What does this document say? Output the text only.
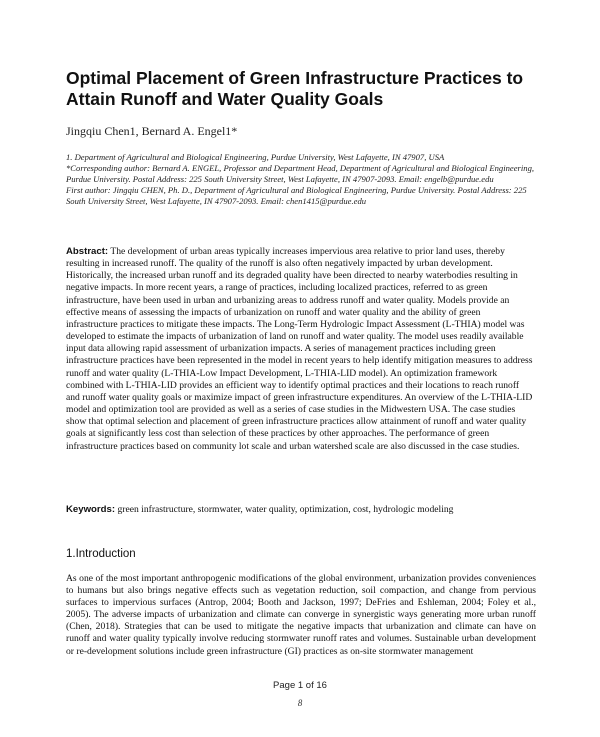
Optimal Placement of Green Infrastructure Practices to Attain Runoff and Water Quality Goals
Jingqiu Chen1, Bernard A. Engel1*

1. Department of Agricultural and Biological Engineering, Purdue University, West Lafayette, IN 47907, USA

*Corresponding author: Bernard A. ENGEL, Professor and Department Head, Department of Agricultural and Biological Engineering, Purdue University. Postal Address: 225 South University Street, West Lafayette, IN 47907-2093. Email: engelb@purdue.edu

First author: Jingqiu CHEN, Ph. D., Department of Agricultural and Biological Engineering, Purdue University. Postal Address: 225 South University Street, West Lafayette, IN 47907-2093. Email: chen1415@purdue.edu

Abstract: The development of urban areas typically increases impervious area relative to prior land uses, thereby resulting in increased runoff. The quality of the runoff is also often negatively impacted by urban development. Historically, the increased urban runoff and its degraded quality have been directed to nearby waterbodies resulting in negative impacts. In more recent years, a range of practices, including localized practices, referred to as green infrastructure, have been used in urban and urbanizing areas to address runoff and water quality. Models provide an effective means of assessing the impacts of urbanization on runoff and water quality and the ability of green infrastructure practices to mitigate these impacts. The Long-Term Hydrologic Impact Assessment (L-THIA) model was developed to estimate the impacts of urbanization of land on runoff and water quality. The model uses readily available input data allowing rapid assessment of urbanization impacts. A series of management practices including green infrastructure practices have been represented in the model in recent years to help identify mitigation measures to address runoff and water quality (L-THIA-Low Impact Development, L-THIA-LID model). An optimization framework combined with L-THIA-LID provides an efficient way to identify optimal practices and their locations to reach runoff and runoff water quality goals or maximize impact of green infrastructure expenditures. An overview of the L-THIA-LID model and optimization tool are provided as well as a series of case studies in the Midwestern USA. The case studies show that optimal selection and placement of green infrastructure practices allow attainment of runoff and water quality goals at significantly less cost than selection of these practices by other approaches. The performance of green infrastructure practices based on community lot scale and urban watershed scale are also discussed in the case studies.
Keywords: green infrastructure, stormwater, water quality, optimization, cost, hydrologic modeling
1.Introduction
As one of the most important anthropogenic modifications of the global environment, urbanization provides conveniences to humans but also brings negative effects such as vegetation reduction, soil compaction, and change from pervious surfaces to impervious surfaces (Antrop, 2004; Booth and Jackson, 1997; DeFries and Eshleman, 2004; Foley et al., 2005). The adverse impacts of urbanization and climate can converge in synergistic ways generating more urban runoff (Chen, 2018). Strategies that can be used to mitigate the negative impacts that urbanization and climate can have on runoff and water quality typically involve reducing stormwater runoff rates and volumes. Sustainable urban development or re-development solutions include green infrastructure (GI) practices as on-site stormwater management
Page 1 of 16
8
